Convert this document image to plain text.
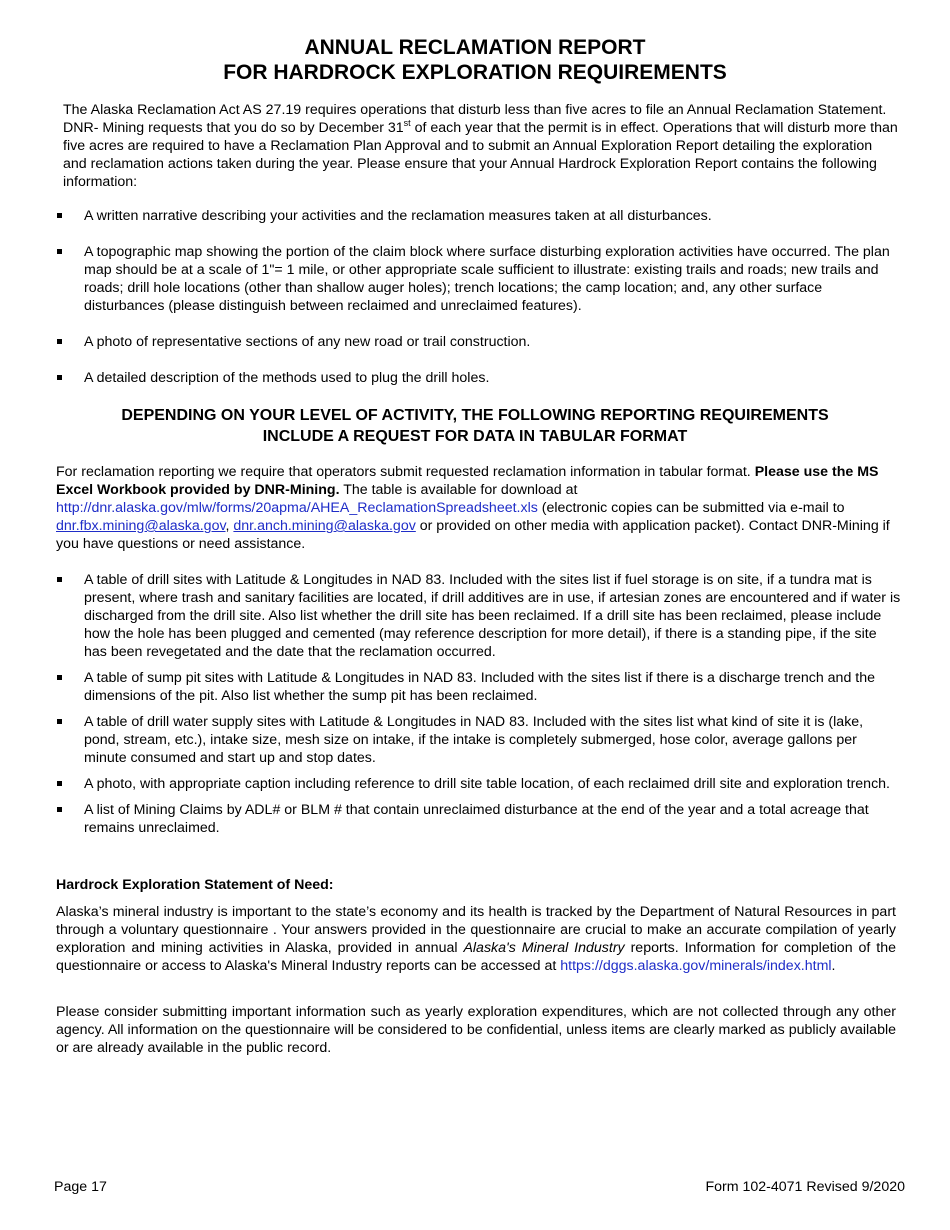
ANNUAL RECLAMATION REPORT
FOR HARDROCK EXPLORATION REQUIREMENTS

The Alaska Reclamation Act AS 27.19 requires operations that disturb less than five acres to file an Annual Reclamation Statement. DNR- Mining requests that you do so by December 31st of each year that the permit is in effect. Operations that will disturb more than five acres are required to have a Reclamation Plan Approval and to submit an Annual Exploration Report detailing the exploration and reclamation actions taken during the year. Please ensure that your Annual Hardrock Exploration Report contains the following information:

A written narrative describing your activities and the reclamation measures taken at all disturbances.
A topographic map showing the portion of the claim block where surface disturbing exploration activities have occurred. The plan map should be at a scale of 1"= 1 mile, or other appropriate scale sufficient to illustrate: existing trails and roads; new trails and roads; drill hole locations (other than shallow auger holes); trench locations; the camp location; and, any other surface disturbances (please distinguish between reclaimed and unreclaimed features).
A photo of representative sections of any new road or trail construction.
A detailed description of the methods used to plug the drill holes.
DEPENDING ON YOUR LEVEL OF ACTIVITY, THE FOLLOWING REPORTING REQUIREMENTS
INCLUDE A REQUEST FOR DATA IN TABULAR FORMAT

For reclamation reporting we require that operators submit requested reclamation information in tabular format. Please use the MS Excel Workbook provided by DNR-Mining. The table is available for download at http://dnr.alaska.gov/mlw/forms/20apma/AHEA_ReclamationSpreadsheet.xls (electronic copies can be submitted via e-mail to dnr.fbx.mining@alaska.gov, dnr.anch.mining@alaska.gov or provided on other media with application packet). Contact DNR-Mining if you have questions or need assistance.

A table of drill sites with Latitude & Longitudes in NAD 83. Included with the sites list if fuel storage is on site, if a tundra mat is present, where trash and sanitary facilities are located, if drill additives are in use, if artesian zones are encountered and if water is discharged from the drill site. Also list whether the drill site has been reclaimed. If a drill site has been reclaimed, please include how the hole has been plugged and cemented (may reference description for more detail), if there is a standing pipe, if the site has been revegetated and the date that the reclamation occurred.
A table of sump pit sites with Latitude & Longitudes in NAD 83. Included with the sites list if there is a discharge trench and the dimensions of the pit. Also list whether the sump pit has been reclaimed.
A table of drill water supply sites with Latitude & Longitudes in NAD 83. Included with the sites list what kind of site it is (lake, pond, stream, etc.), intake size, mesh size on intake, if the intake is completely submerged, hose color, average gallons per minute consumed and start up and stop dates.
A photo, with appropriate caption including reference to drill site table location, of each reclaimed drill site and exploration trench.
A list of Mining Claims by ADL# or BLM # that contain unreclaimed disturbance at the end of the year and a total acreage that remains unreclaimed.
Hardrock Exploration Statement of Need:

Alaska’s mineral industry is important to the state’s economy and its health is tracked by the Department of Natural Resources in part through a voluntary questionnaire . Your answers provided in the questionnaire are crucial to make an accurate compilation of yearly exploration and mining activities in Alaska, provided in annual Alaska's Mineral Industry reports. Information for completion of the questionnaire or access to Alaska's Mineral Industry reports can be accessed at https://dggs.alaska.gov/minerals/index.html.

Please consider submitting important information such as yearly exploration expenditures, which are not collected through any other agency. All information on the questionnaire will be considered to be confidential, unless items are clearly marked as publicly available or are already available in the public record.

Page 17	Form 102-4071 Revised 9/2020
